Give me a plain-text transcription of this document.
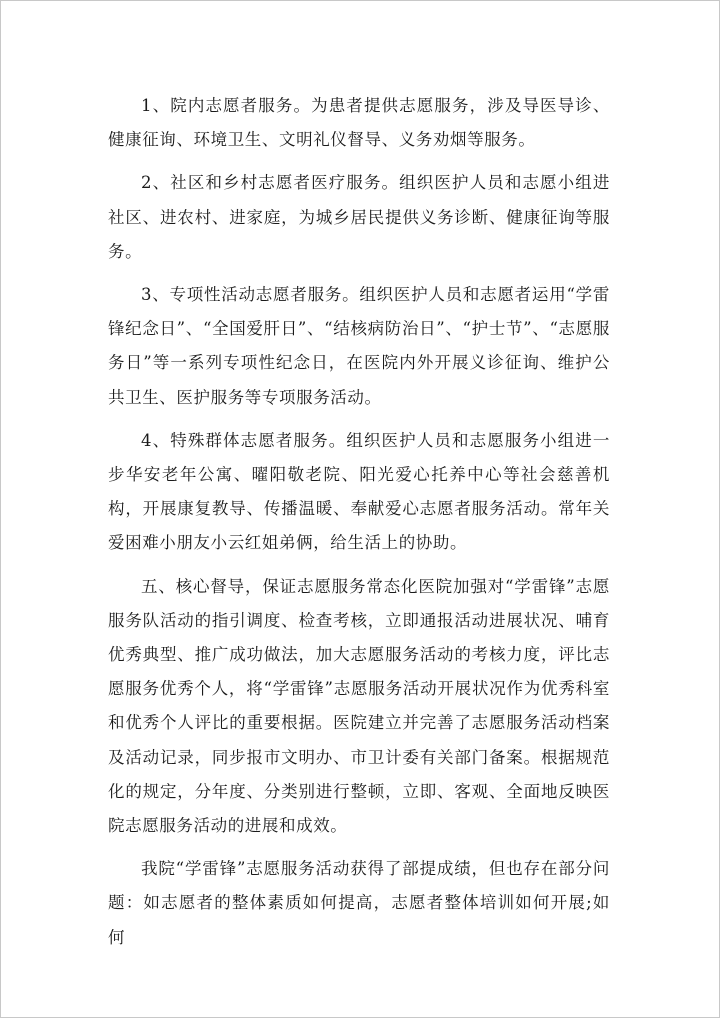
1、院内志愿者服务。为患者提供志愿服务，涉及导医导诊、健康征询、环境卫生、文明礼仪督导、义务劝烟等服务。

2、社区和乡村志愿者医疗服务。组织医护人员和志愿小组进社区、进农村、进家庭，为城乡居民提供义务诊断、健康征询等服务。

3、专项性活动志愿者服务。组织医护人员和志愿者运用“学雷锋纪念日”、“全国爱肝日”、“结核病防治日”、“护士节”、“志愿服务日”等一系列专项性纪念日，在医院内外开展义诊征询、维护公共卫生、医护服务等专项服务活动。

4、特殊群体志愿者服务。组织医护人员和志愿服务小组进一步华安老年公寓、曜阳敬老院、阳光爱心托养中心等社会慈善机构，开展康复教导、传播温暖、奉献爱心志愿者服务活动。常年关爱困难小朋友小云红姐弟俩，给生活上的协助。

五、核心督导，保证志愿服务常态化医院加强对“学雷锋”志愿服务队活动的指引调度、检查考核，立即通报活动进展状况、哺育优秀典型、推广成功做法，加大志愿服务活动的考核力度，评比志愿服务优秀个人，将“学雷锋”志愿服务活动开展状况作为优秀科室和优秀个人评比的重要根据。医院建立并完善了志愿服务活动档案及活动记录，同步报市文明办、市卫计委有关部门备案。根据规范化的规定，分年度、分类别进行整顿，立即、客观、全面地反映医院志愿服务活动的进展和成效。

我院“学雷锋”志愿服务活动获得了部提成绩，但也存在部分问题：如志愿者的整体素质如何提高，志愿者整体培训如何开展;如何
